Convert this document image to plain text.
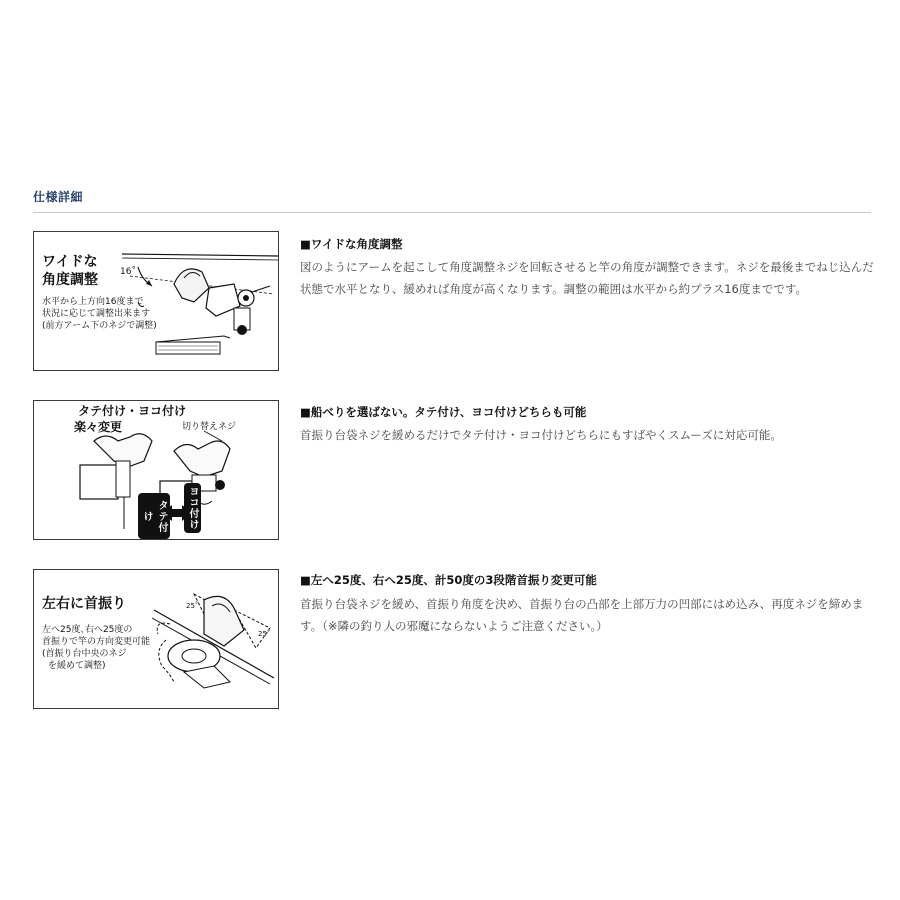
仕様詳細
ワイドな
角度調整
水平から上方向16度まで
状況に応じて調整出来ます
(前方アーム下のネジで調整)
16˚
■ワイドな角度調整
図のようにアームを起こして角度調整ネジを回転させると竿の角度が調整できます。ネジを最後までねじ込んだ状態で水平となり、緩めれば角度が高くなります。調整の範囲は水平から約プラス16度までです。
タテ付け・ヨコ付け
楽々変更	切り替えネジ
タテ付け	ヨコ付け
■船べりを選ばない。タテ付け、ヨコ付けどちらも可能
首振り台袋ネジを緩めるだけでタテ付け・ヨコ付けどちらにもすばやくスムーズに対応可能。
左右に首振り
左へ25度､右へ25度の
首振りで竿の方向変更可能
(首振り台中央のネジ
を緩めて調整)
25˚
25˚
■左へ25度、右へ25度、計50度の3段階首振り変更可能
首振り台袋ネジを緩め、首振り角度を決め、首振り台の凸部を上部万力の凹部にはめ込み、再度ネジを締めます。（※隣の釣り人の邪魔にならないようご注意ください。）
